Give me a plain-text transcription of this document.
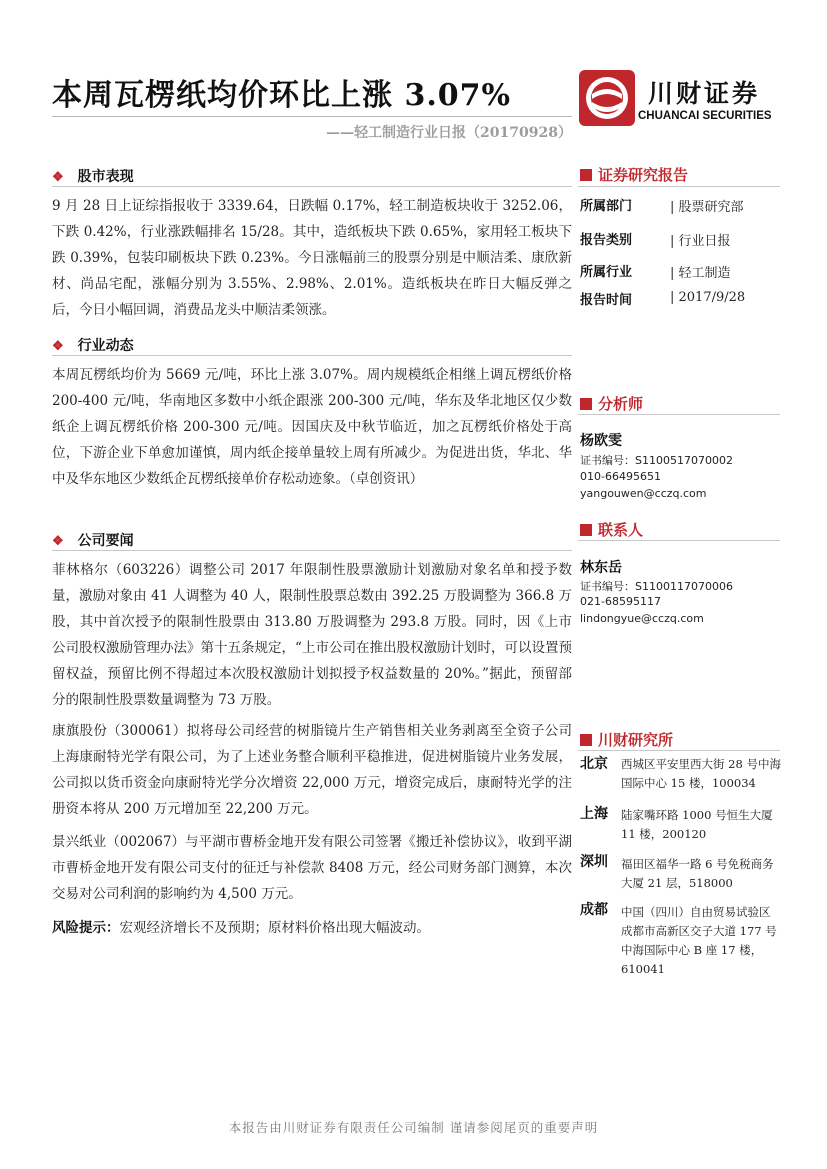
本周瓦楞纸均价环比上涨 3.07%
——轻工制造行业日报（20170928）
川财证券
CHUANCAI SECURITIES
❖ 股市表现
9 月 28 日上证综指报收于 3339.64，日跌幅 0.17%，轻工制造板块收于 3252.06，下跌 0.42%，行业涨跌幅排名 15/28。其中，造纸板块下跌 0.65%，家用轻工板块下跌 0.39%，包装印刷板块下跌 0.23%。今日涨幅前三的股票分别是中顺洁柔、康欣新材、尚品宅配，涨幅分别为 3.55%、2.98%、2.01%。造纸板块在昨日大幅反弹之后，今日小幅回调，消费品龙头中顺洁柔领涨。
❖ 行业动态
本周瓦楞纸均价为 5669 元/吨，环比上涨 3.07%。周内规模纸企相继上调瓦楞纸价格 200-400 元/吨，华南地区多数中小纸企跟涨 200-300 元/吨，华东及华北地区仅少数纸企上调瓦楞纸价格 200-300 元/吨。因国庆及中秋节临近，加之瓦楞纸价格处于高位，下游企业下单愈加谨慎，周内纸企接单量较上周有所减少。为促进出货，华北、华中及华东地区少数纸企瓦楞纸接单价存松动迹象。（卓创资讯）
❖ 公司要闻
菲林格尔（603226）调整公司 2017 年限制性股票激励计划激励对象名单和授予数量，激励对象由 41 人调整为 40 人，限制性股票总数由 392.25 万股调整为 366.8 万股，其中首次授予的限制性股票由 313.80 万股调整为 293.8 万股。同时，因《上市公司股权激励管理办法》第十五条规定，“上市公司在推出股权激励计划时，可以设置预留权益，预留比例不得超过本次股权激励计划拟授予权益数量的 20%。”据此，预留部分的限制性股票数量调整为 73 万股。
康旗股份（300061）拟将母公司经营的树脂镜片生产销售相关业务剥离至全资子公司上海康耐特光学有限公司，为了上述业务整合顺利平稳推进，促进树脂镜片业务发展，公司拟以货币资金向康耐特光学分次增资 22,000 万元，增资完成后，康耐特光学的注册资本将从 200 万元增加至 22,200 万元。
景兴纸业（002067）与平湖市曹桥金地开发有限公司签署《搬迁补偿协议》，收到平湖市曹桥金地开发有限公司支付的征迁与补偿款 8408 万元，经公司财务部门测算，本次交易对公司利润的影响约为 4,500 万元。
风险提示：宏观经济增长不及预期；原材料价格出现大幅波动。
证券研究报告
所属部门	| 股票研究部
报告类别	| 行业日报
所属行业	| 轻工制造
报告时间	| 2017/9/28
分析师
杨欧雯
证书编号：S1100517070002
010-66495651
yangouwen@cczq.com
联系人
林东岳
证书编号：S1100117070006
021-68595117
lindongyue@cczq.com
川财研究所
北京 西城区平安里西大街 28 号中海国际中心 15 楼，100034
上海 陆家嘴环路 1000 号恒生大厦 11 楼，200120
深圳 福田区福华一路 6 号免税商务大厦 21 层，518000
成都 中国（四川）自由贸易试验区成都市高新区交子大道 177 号中海国际中心 B 座 17 楼，610041
本报告由川财证券有限责任公司编制 谨请参阅尾页的重要声明
